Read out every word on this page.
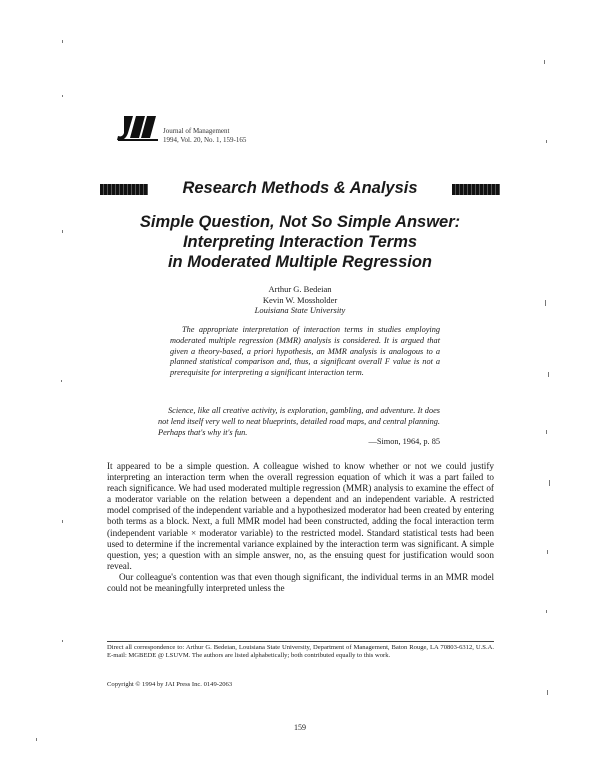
Journal of Management
1994, Vol. 20, No. 1, 159-165
Research Methods & Analysis
Simple Question, Not So Simple Answer:
Interpreting Interaction Terms
in Moderated Multiple Regression
Arthur G. Bedeian
Kevin W. Mossholder
Louisiana State University
The appropriate interpretation of interaction terms in studies employing moderated multiple regression (MMR) analysis is considered. It is argued that given a theory-based, a priori hypothesis, an MMR analysis is analogous to a planned statistical comparison and, thus, a significant overall F value is not a prerequisite for interpreting a significant interaction term.
Science, like all creative activity, is exploration, gambling, and adventure. It does not lend itself very well to neat blueprints, detailed road maps, and central planning. Perhaps that's why it's fun.
—Simon, 1964, p. 85

It appeared to be a simple question. A colleague wished to know whether or not we could justify interpreting an interaction term when the overall regression equation of which it was a part failed to reach significance. We had used moderated multiple regression (MMR) analysis to examine the effect of a moderator variable on the relation between a dependent and an independent variable. A restricted model comprised of the independent variable and a hypothesized moderator had been created by entering both terms as a block. Next, a full MMR model had been constructed, adding the focal interaction term (independent variable × moderator variable) to the restricted model. Standard statistical tests had been used to determine if the incremental variance explained by the interaction term was significant. A simple question, yes; a question with an simple answer, no, as the ensuing quest for justification would soon reveal.

Our colleague's contention was that even though significant, the individual terms in an MMR model could not be meaningfully interpreted unless the

Direct all correspondence to: Arthur G. Bedeian, Louisiana State University, Department of Management, Baton Rouge, LA 70803-6312, U.S.A. E-mail: MGBEDE @ LSUVM. The authors are listed alphabetically; both contributed equally to this work.
Copyright © 1994 by JAI Press Inc. 0149-2063
159
